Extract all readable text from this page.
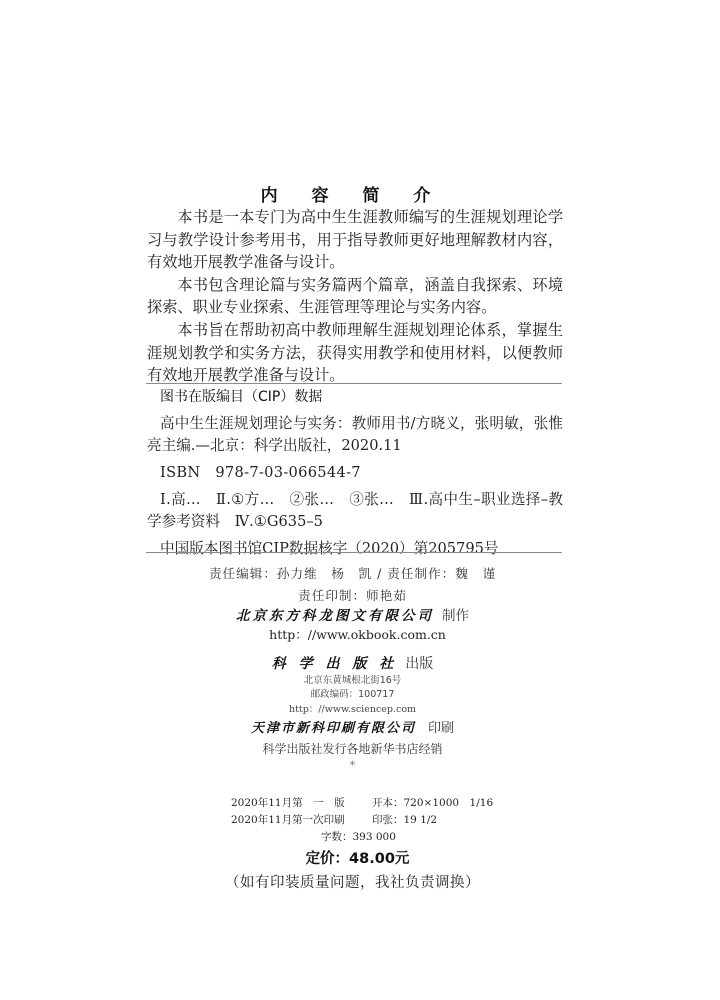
内 容 简 介

本书是一本专门为高中生生涯教师编写的生涯规划理论学习与教学设计参考用书，用于指导教师更好地理解教材内容，有效地开展教学准备与设计。

本书包含理论篇与实务篇两个篇章，涵盖自我探索、环境探索、职业专业探索、生涯管理等理论与实务内容。

本书旨在帮助初高中教师理解生涯规划理论体系，掌握生涯规划教学和实务方法，获得实用教学和使用材料，以便教师有效地开展教学准备与设计。

图书在版编目（CIP）数据

高中生生涯规划理论与实务：教师用书/方晓义，张明敏，张惟亮主编.—北京：科学出版社，2020.11

ISBN　978-7-03-066544-7

Ⅰ.高…　Ⅱ.①方…　②张…　③张…　Ⅲ.高中生–职业选择–教学参考资料　Ⅳ.①G635–5

中国版本图书馆CIP数据核字（2020）第205795号

责任编辑：孙力维　杨　凯 / 责任制作：魏　谨
责任印制：师艳茹
北京东方科龙图文有限公司 制作
http：//www.okbook.com.cn
科 学 出 版 社 出版
北京东黄城根北街16号
邮政编码：100717
http：//www.sciencep.com
天津市新科印刷有限公司 印刷
科学出版社发行各地新华书店经销
*
2020年11月第　一　版	开本：720×1000　1/16
2020年11月第一次印刷	印张：19 1/2
字数：393 000
定价：48.00元
（如有印装质量问题，我社负责调换）
